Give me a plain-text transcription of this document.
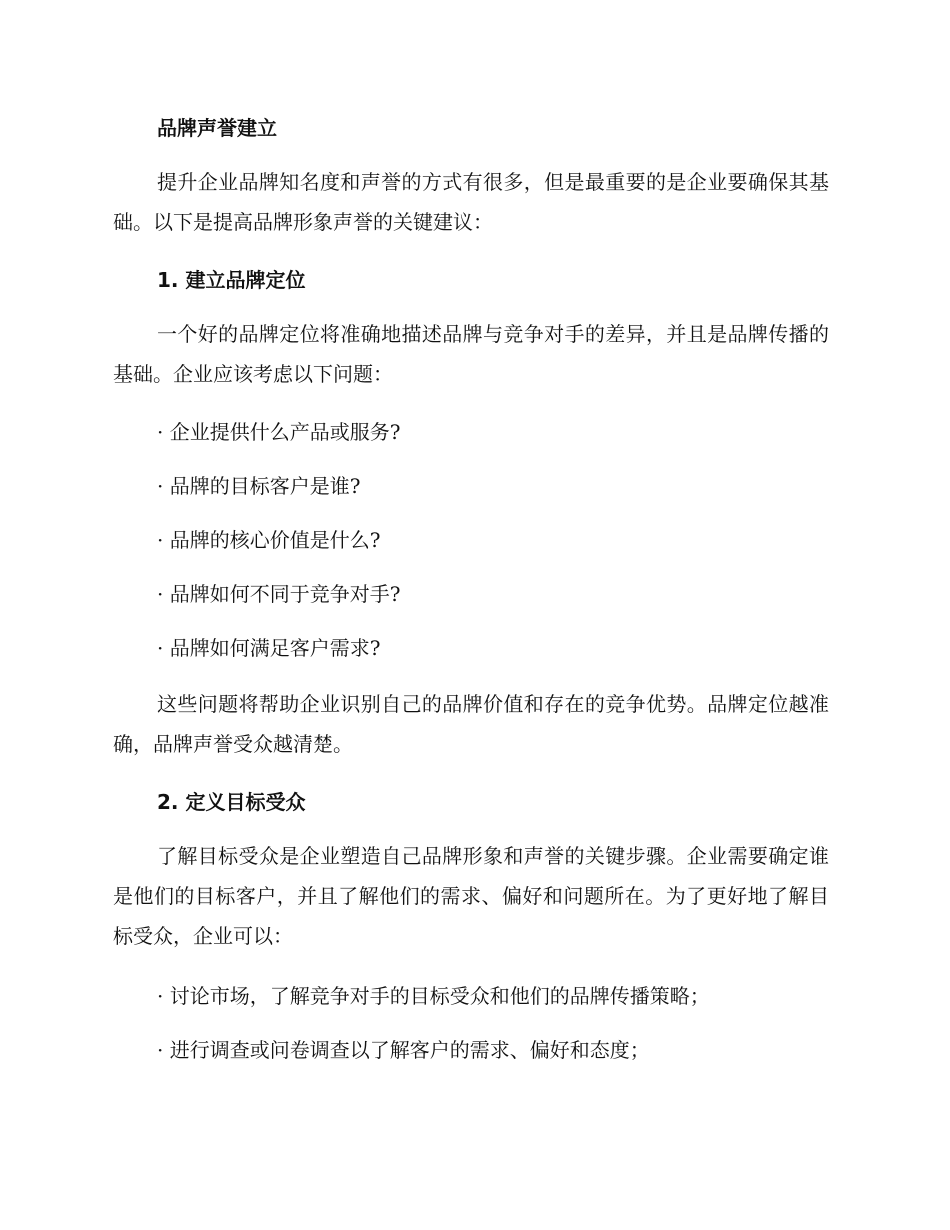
品牌声誉建立

提升企业品牌知名度和声誉的方式有很多，但是最重要的是企业要确保其基础。以下是提高品牌形象声誉的关键建议：

1. 建立品牌定位

一个好的品牌定位将准确地描述品牌与竞争对手的差异，并且是品牌传播的基础。企业应该考虑以下问题：

· 企业提供什么产品或服务?
· 品牌的目标客户是谁?
· 品牌的核心价值是什么?
· 品牌如何不同于竞争对手?
· 品牌如何满足客户需求?

这些问题将帮助企业识别自己的品牌价值和存在的竞争优势。品牌定位越准确，品牌声誉受众越清楚。

2. 定义目标受众

了解目标受众是企业塑造自己品牌形象和声誉的关键步骤。企业需要确定谁是他们的目标客户，并且了解他们的需求、偏好和问题所在。为了更好地了解目标受众，企业可以：

· 讨论市场，了解竞争对手的目标受众和他们的品牌传播策略；
· 进行调查或问卷调查以了解客户的需求、偏好和态度；
